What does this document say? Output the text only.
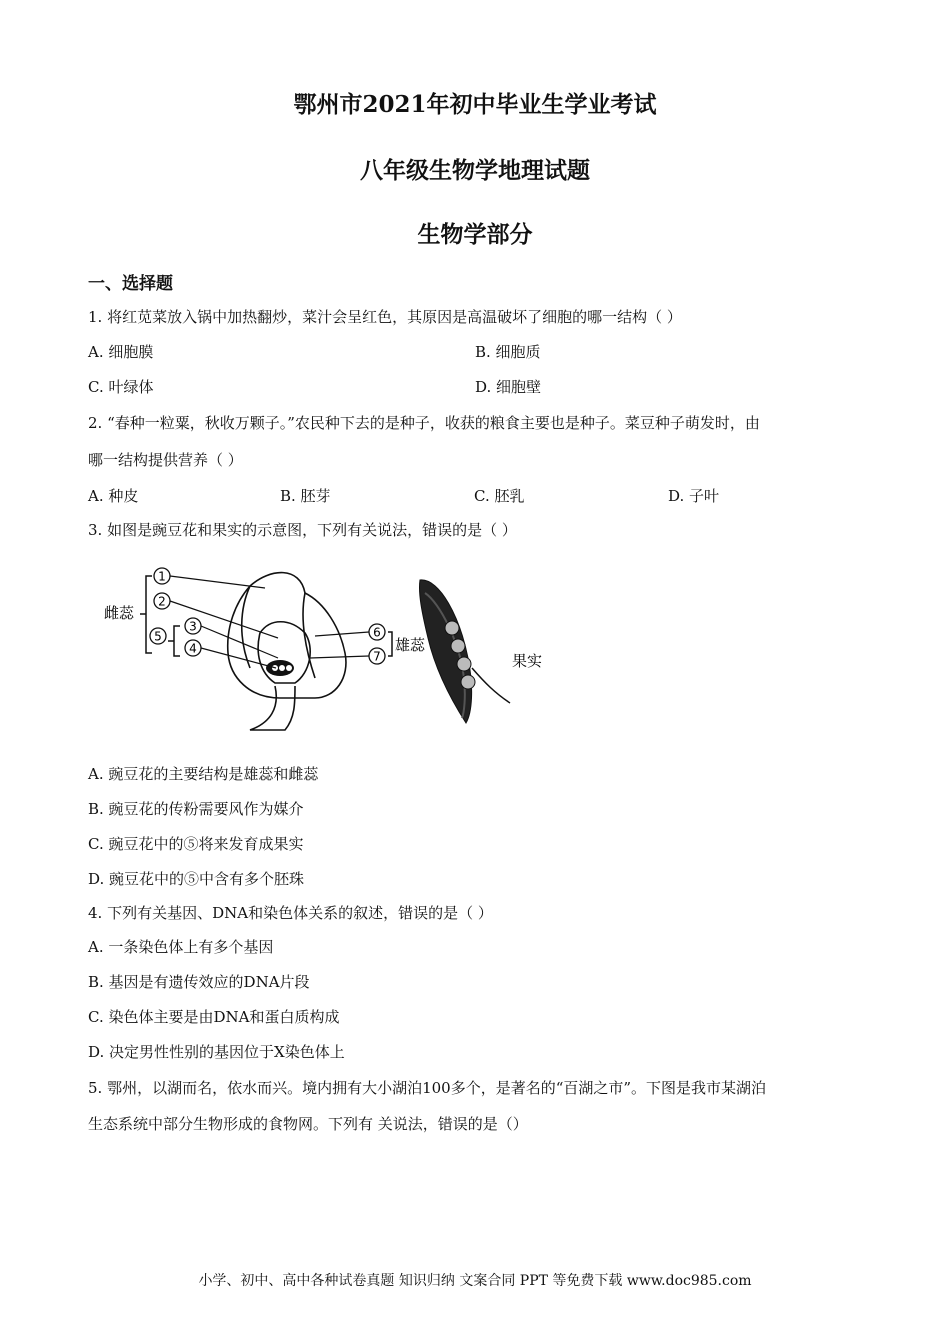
鄂州市2021年初中毕业生学业考试
八年级生物学地理试题
生物学部分
一、选择题
1. 将红苋菜放入锅中加热翻炒，菜汁会呈红色，其原因是高温破坏了细胞的哪一结构（ ）
A. 细胞膜	B. 细胞质
C. 叶绿体	D. 细胞壁
2. “春种一粒粟，秋收万颗子。”农民种下去的是种子，收获的粮食主要也是种子。菜豆种子萌发时，由
哪一结构提供营养（ ）
A. 种皮	B. 胚芽	C. 胚乳	D. 子叶
3. 如图是豌豆花和果实的示意图，下列有关说法，错误的是（ ）
1
2
5
3
4
雌蕊
6
7
雄蕊
果实
A. 豌豆花的主要结构是雄蕊和雌蕊
B. 豌豆花的传粉需要风作为媒介
C. 豌豆花中的⑤将来发育成果实
D. 豌豆花中的⑤中含有多个胚珠
4. 下列有关基因、DNA和染色体关系的叙述，错误的是（ ）
A. 一条染色体上有多个基因
B. 基因是有遗传效应的DNA片段
C. 染色体主要是由DNA和蛋白质构成
D. 决定男性性别的基因位于X染色体上
5. 鄂州，以湖而名，依水而兴。境内拥有大小湖泊100多个，是著名的“百湖之市”。下图是我市某湖泊
生态系统中部分生物形成的食物网。下列有 关说法，错误的是（）
小学、初中、高中各种试卷真题 知识归纳 文案合同 PPT 等免费下载 www.doc985.com
